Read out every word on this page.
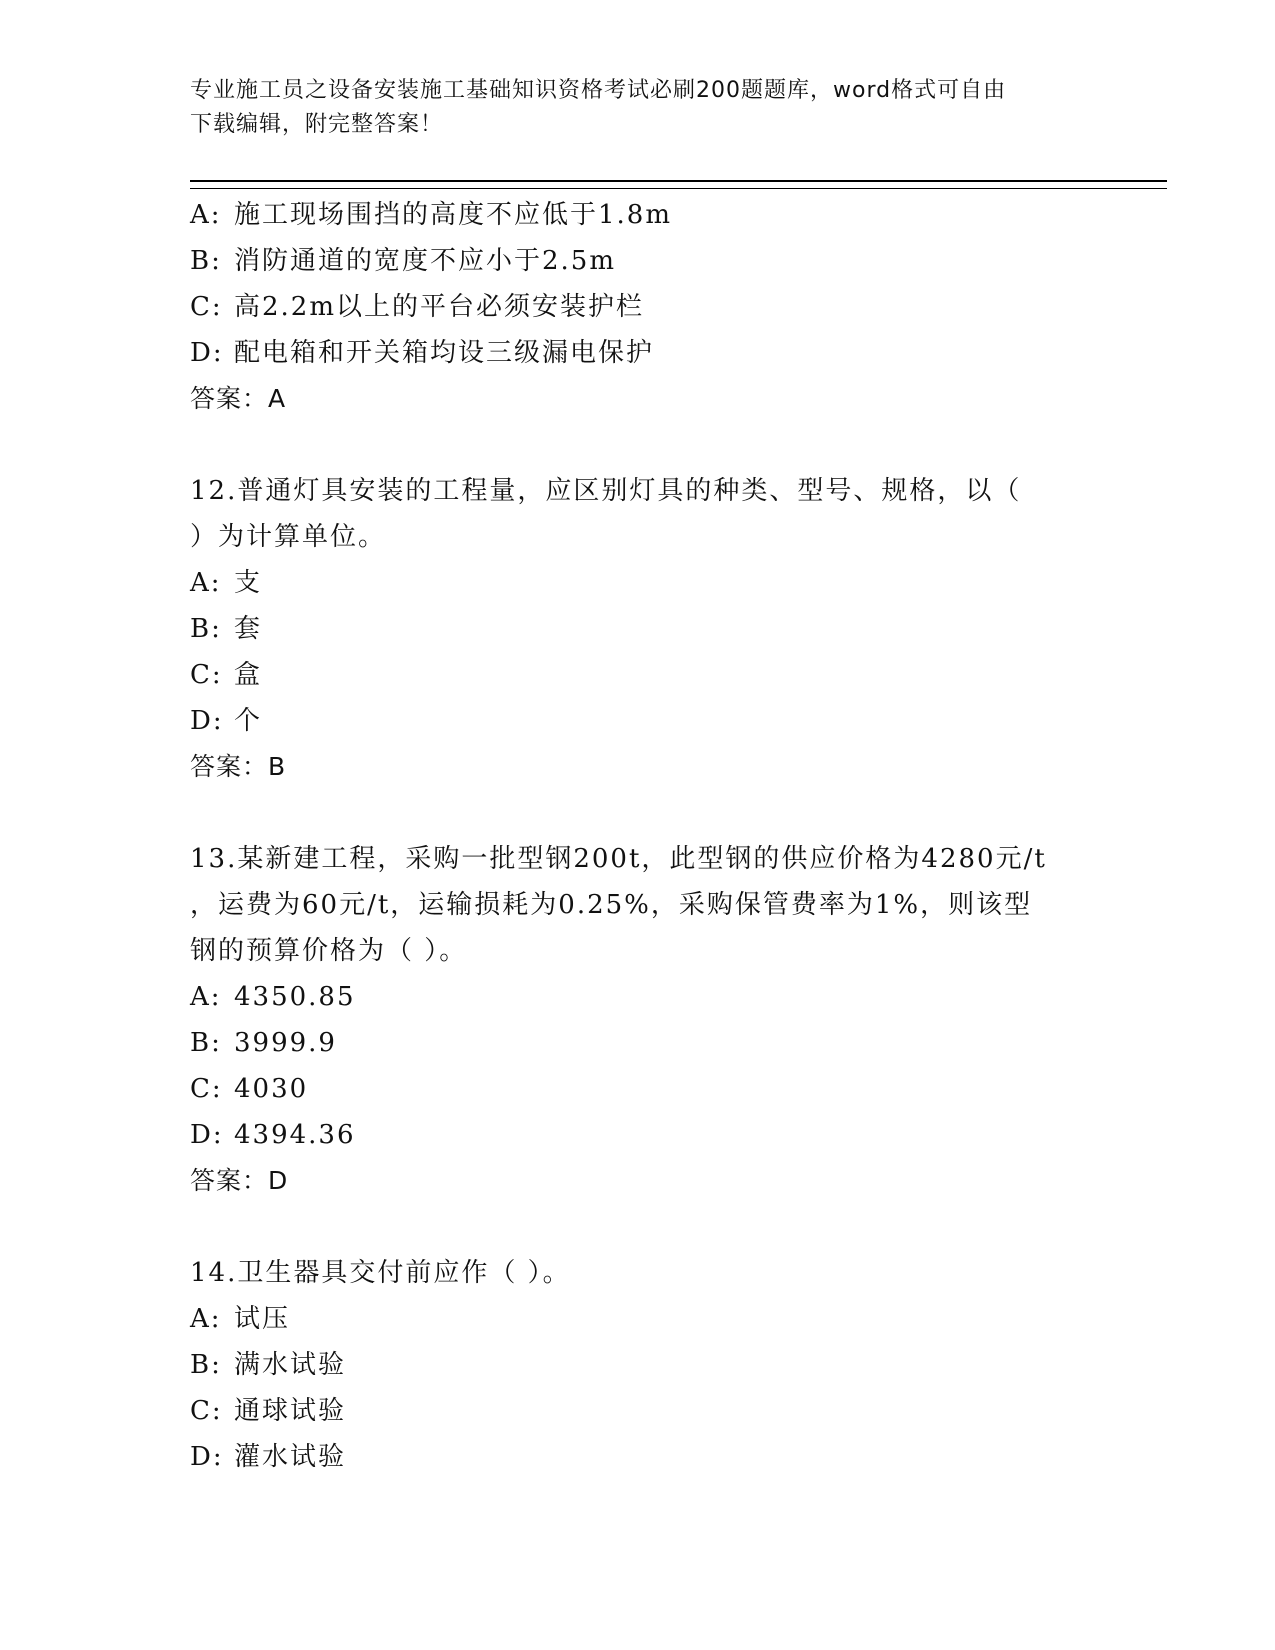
专业施工员之设备安装施工基础知识资格考试必刷200题题库，word格式可自由
下载编辑，附完整答案！
A: 施工现场围挡的高度不应低于1.8m
B: 消防通道的宽度不应小于2.5m
C: 高2.2m以上的平台必须安装护栏
D: 配电箱和开关箱均设三级漏电保护
答案：A
12.普通灯具安装的工程量，应区别灯具的种类、型号、规格，以（
）为计算单位。
A: 支
B: 套
C: 盒
D: 个
答案：B
13.某新建工程，采购一批型钢200t，此型钢的供应价格为4280元/t
，运费为60元/t，运输损耗为0.25%，采购保管费率为1%，则该型
钢的预算价格为（ ）。
A: 4350.85
B: 3999.9
C: 4030
D: 4394.36
答案：D
14.卫生器具交付前应作（ ）。
A: 试压
B: 满水试验
C: 通球试验
D: 灌水试验
